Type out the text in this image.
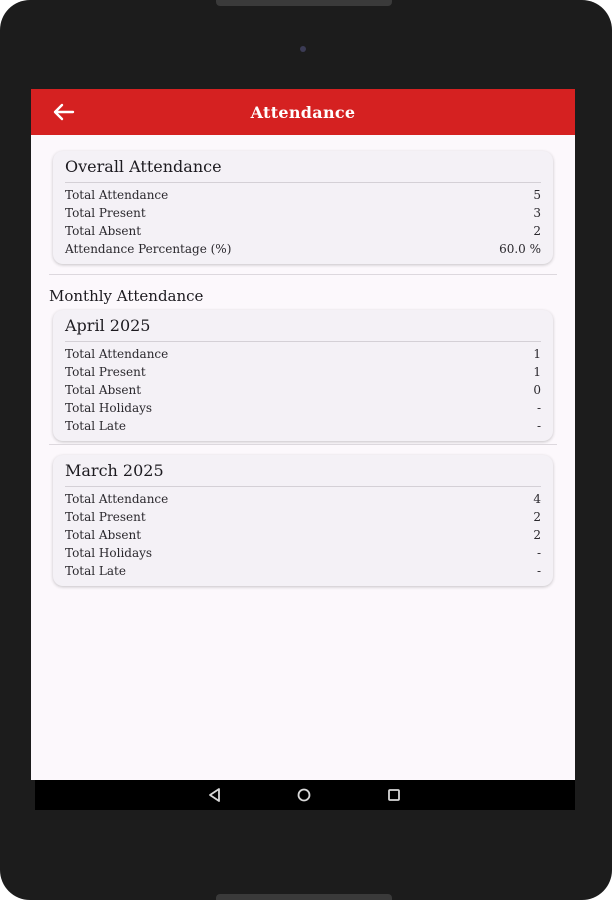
Attendance
Overall Attendance
Total Attendance	5
Total Present	3
Total Absent	2
Attendance Percentage (%)	60.0 %
Monthly Attendance
April 2025
Total Attendance	1
Total Present	1
Total Absent	0
Total Holidays	-
Total Late	-
March 2025
Total Attendance	4
Total Present	2
Total Absent	2
Total Holidays	-
Total Late	-
